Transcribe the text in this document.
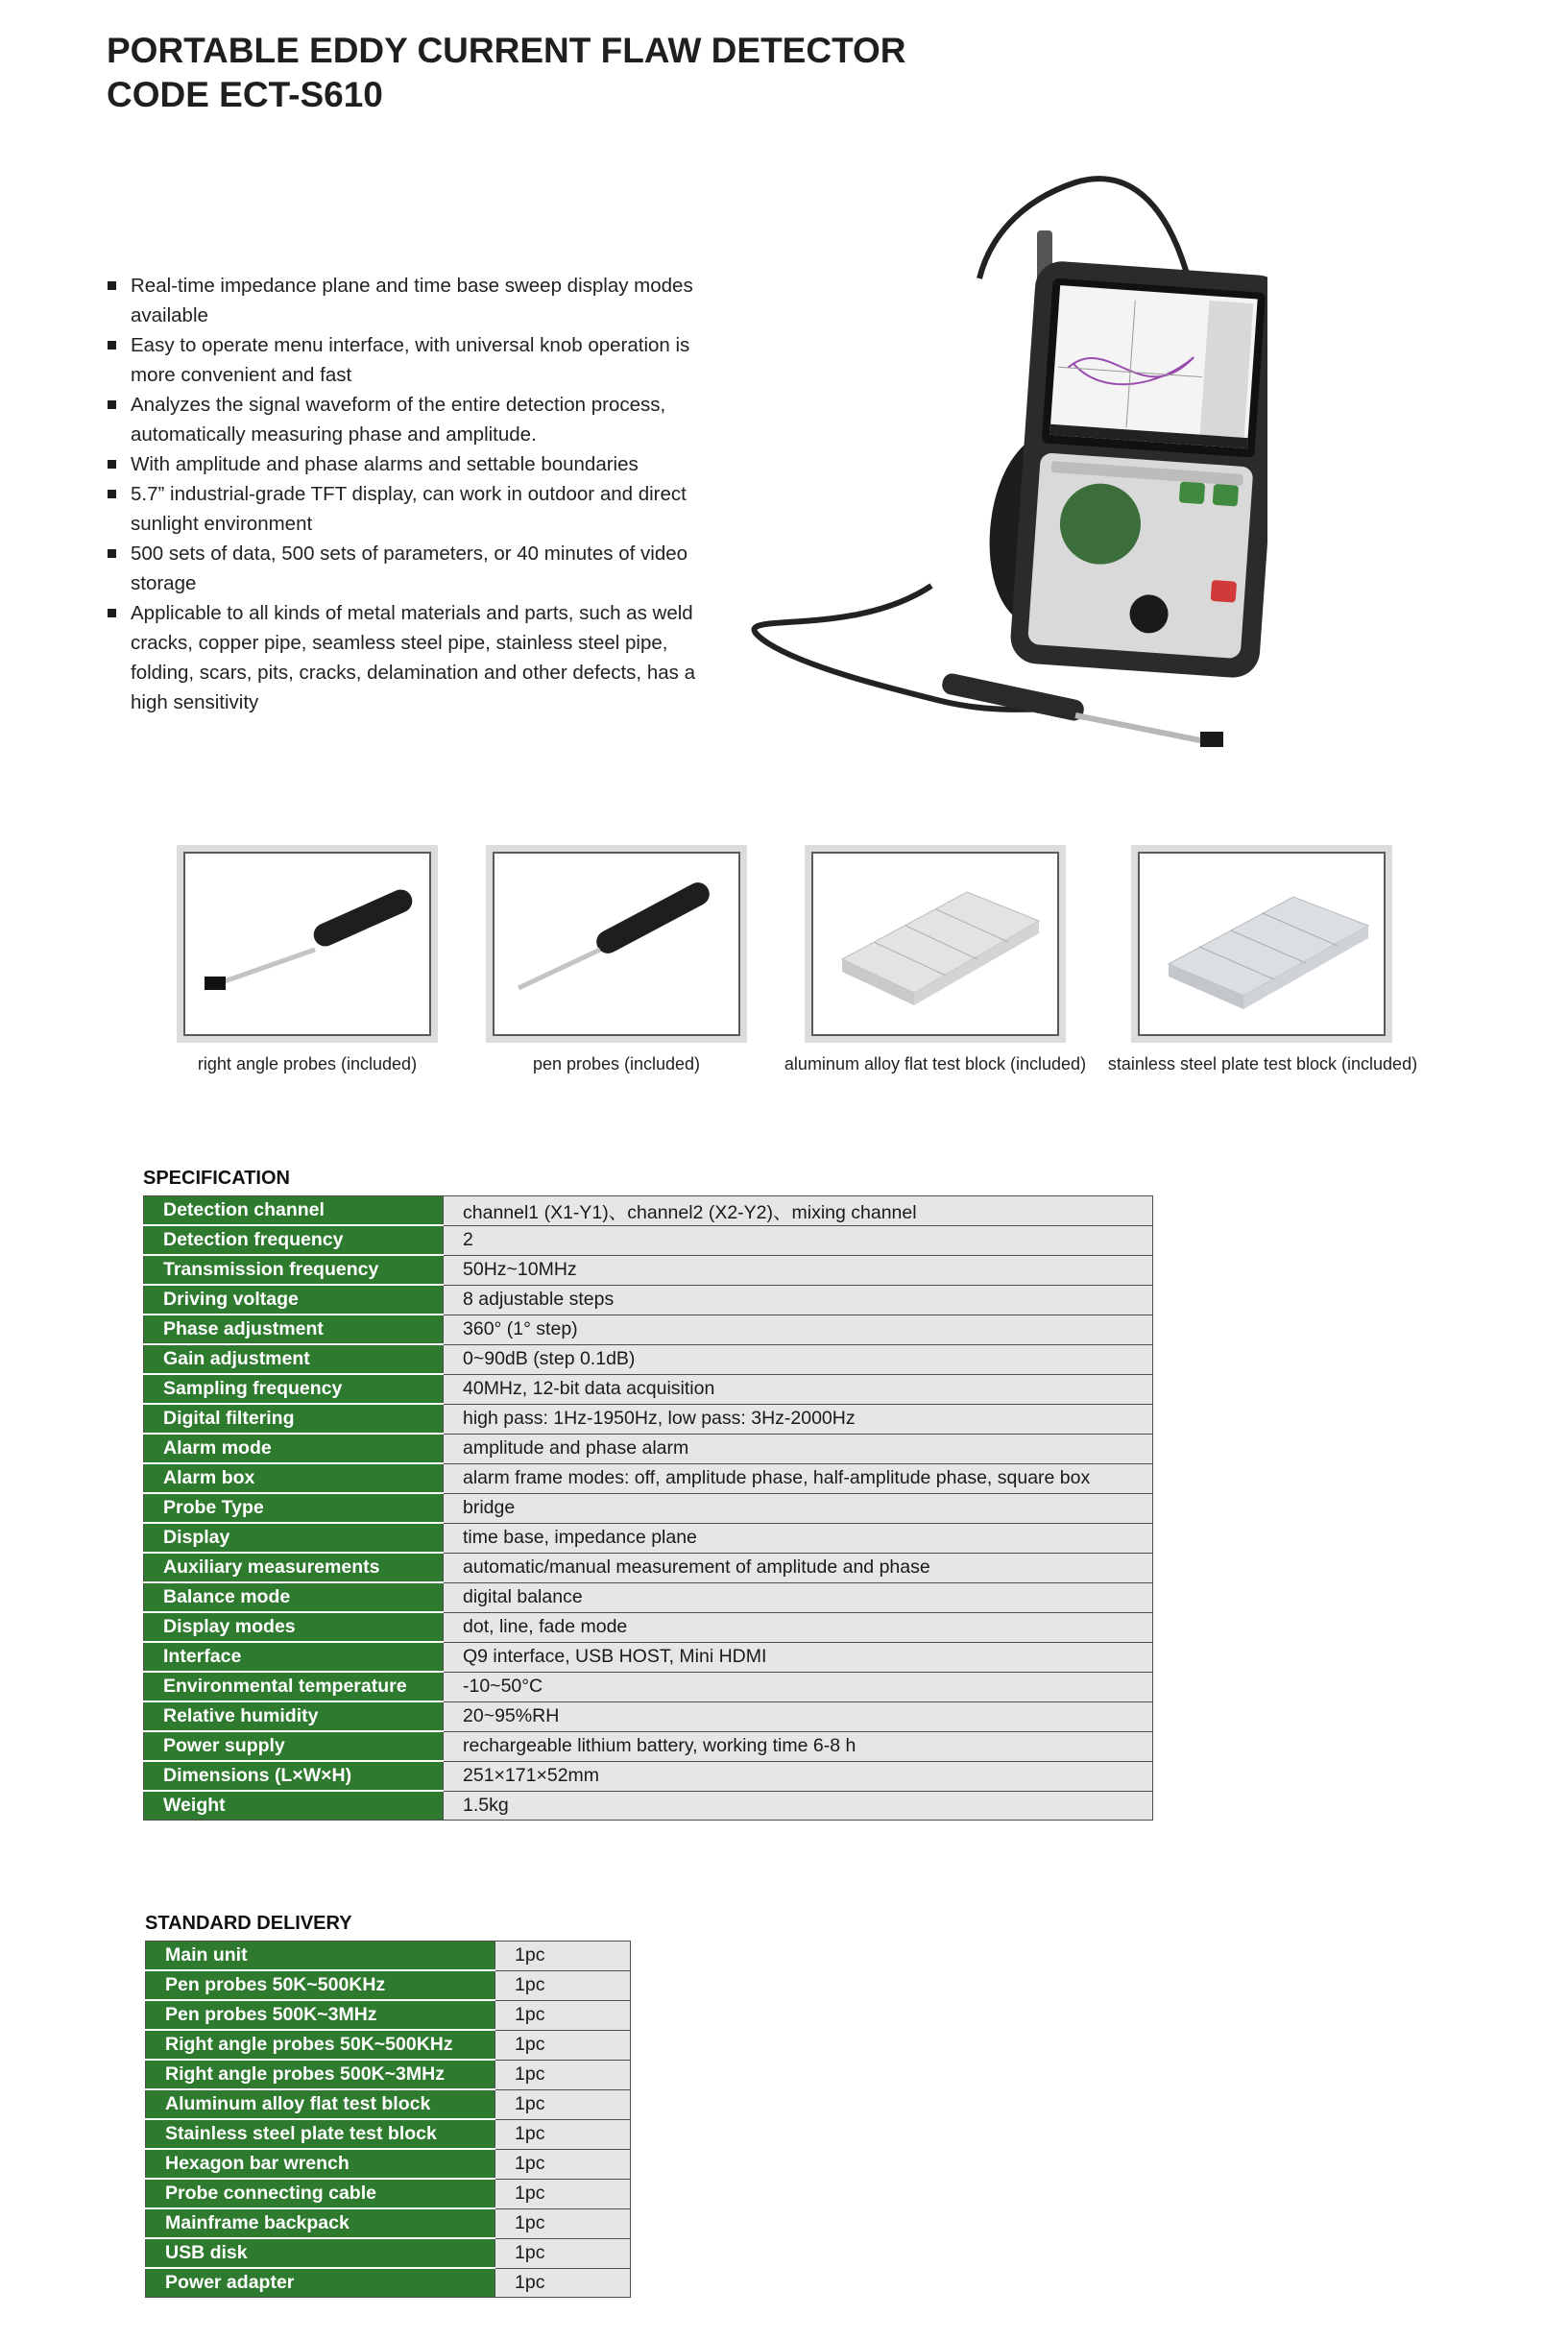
PORTABLE EDDY CURRENT FLAW DETECTOR
CODE ECT-S610
Real-time impedance plane and time base sweep display modes available
Easy to operate menu interface, with universal knob operation is more convenient and fast
Analyzes the signal waveform of the entire detection process, automatically measuring phase and amplitude.
With amplitude and phase alarms and settable boundaries
5.7” industrial-grade TFT display, can work in outdoor and direct sunlight environment
500 sets of data, 500 sets of parameters, or 40 minutes of video storage
Applicable to all kinds of metal materials and parts, such as weld cracks, copper pipe, seamless steel pipe, stainless steel pipe, folding, scars, pits, cracks, delamination and other defects, has a high sensitivity
right angle probes (included)	pen probes (included)	aluminum alloy flat test block (included) stainless steel plate test block (included)
SPECIFICATION
Detection channel	channel1 (X1-Y1)、channel2 (X2-Y2)、mixing channel
Detection frequency	2
Transmission frequency	50Hz~10MHz
Driving voltage	8 adjustable steps
Phase adjustment	360° (1° step)
Gain adjustment	0~90dB (step 0.1dB)
Sampling frequency	40MHz, 12-bit data acquisition
Digital filtering	high pass: 1Hz-1950Hz, low pass: 3Hz-2000Hz
Alarm mode	amplitude and phase alarm
Alarm box	alarm frame modes: off, amplitude phase, half-amplitude phase, square box
Probe Type	bridge
Display	time base, impedance plane
Auxiliary measurements	automatic/manual measurement of amplitude and phase
Balance mode	digital balance
Display modes	dot, line, fade mode
Interface	Q9 interface, USB HOST, Mini HDMI
Environmental temperature	-10~50°C
Relative humidity	20~95%RH
Power supply	rechargeable lithium battery, working time 6-8 h
Dimensions (L×W×H)	251×171×52mm
Weight	1.5kg
STANDARD DELIVERY
Main unit	1pc
Pen probes 50K~500KHz	1pc
Pen probes 500K~3MHz	1pc
Right angle probes 50K~500KHz	1pc
Right angle probes 500K~3MHz	1pc
Aluminum alloy flat test block	1pc
Stainless steel plate test block	1pc
Hexagon bar wrench	1pc
Probe connecting cable	1pc
Mainframe backpack	1pc
USB disk	1pc
Power adapter	1pc
